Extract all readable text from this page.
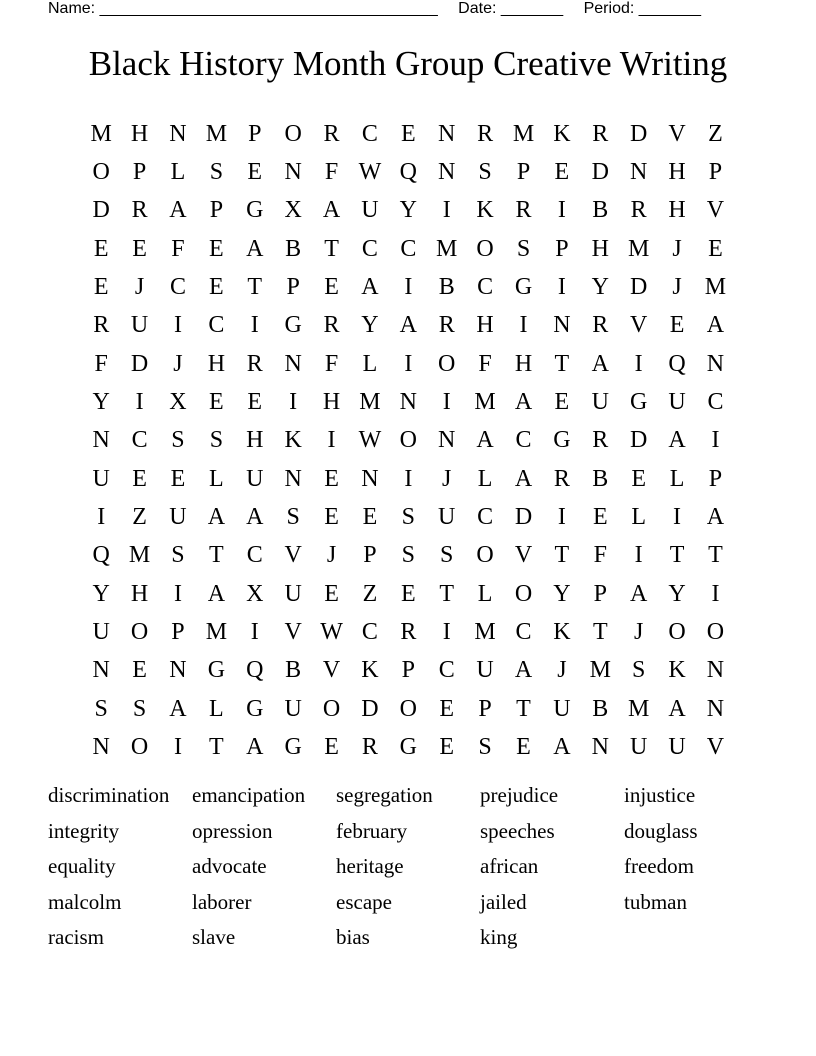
Name: ______________________________________ Date: _______ Period: _______
Black History Month Group Creative Writing
M H N M P O R C E N R M K R D V Z
O P	L	S	E N F W Q N S	P	E D N H P
D R A P G X A U Y	I	K R	I	B R H V
E E	F	E A B T C C M O S	P H M J	E
E	J	C E T	P	E A	I	B C G	I	Y D	J M
R U	I	C	I	G R Y A R H	I	N R V E A
F D	J	H R N F	L	I	O F H T A	I	Q N
Y	I	X E E	I	H M N	I M A E U G U C
N C S	S H K	I W O N A C G R D A	I
U E E L U N E N	I	J	L A R B E L	P
I	Z U A A S	E E	S U C D	I	E L	I	A
Q M S	T C V	J	P	S	S O V T	F	I	T T
Y H	I	A X U E Z E T L O Y P A Y	I
U O P M I	V W C R	I M C K T	J	O O
N E N G Q B V K P C U A	J M S K N
S	S A L G U O D O E	P	T U B M A N
N O	I	T A G E R G E	S	E A N U U V
discrimination	emancipation	segregation	prejudice	injustice
integrity	opression	february	speeches	douglass
equality	advocate	heritage	african	freedom
malcolm	laborer	escape	jailed	tubman
racism	slave	bias	king
